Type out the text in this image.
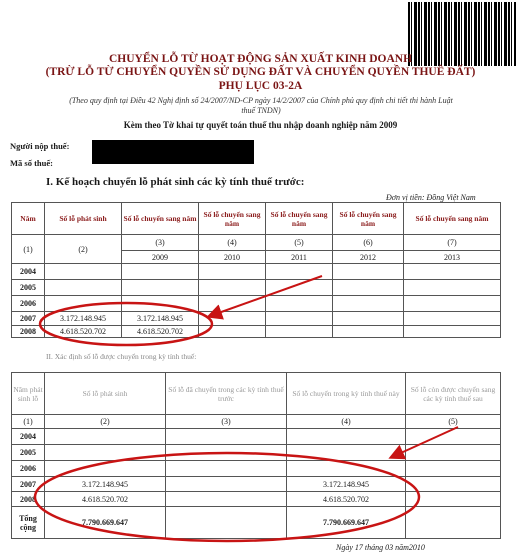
CHUYỂN LỖ TỪ HOẠT ĐỘNG SẢN XUẤT KINH DOANH
(TRỪ LỖ TỪ CHUYỂN QUYỀN SỬ DỤNG ĐẤT VÀ CHUYỂN QUYỀN THUÊ ĐẤT)
PHỤ LỤC 03-2A
(Theo quy định tại Điều 42 Nghị định số 24/2007/ND-CP ngày 14/2/2007 của Chính phủ quy định chi tiết thi hành Luật
thuế TNDN)
Kèm theo Tờ khai tự quyết toán thuế thu nhập doanh nghiệp năm 2009
Người nộp thuế:
Mã số thuế:
I. Kế hoạch chuyển lỗ phát sinh các kỳ tính thuế trước:
Đơn vị tiền: Đồng Việt Nam
Năm	Số lỗ phát sinh	Số lỗ chuyển sang năm	Số lỗ chuyển sang năm	Số lỗ chuyển sang năm	Số lỗ chuyển sang năm	Số lỗ chuyển sang năm
(1)	(2)	(3)	(4)	(5)	(6)	(7)
		2009	2010	2011	2012	2013
2004						
2005						
2006						
2007	3.172.148.945	3.172.148.945				
2008	4.618.520.702	4.618.520.702				
II. Xác định số lỗ được chuyển trong kỳ tính thuế:
Năm phát sinh lỗ	Số lỗ phát sinh	Số lỗ đã chuyển trong các kỳ tính thuế trước	Số lỗ chuyển trong kỳ tính thuế này	Số lỗ còn được chuyển sang các kỳ tính thuế sau
(1)	(2)	(3)	(4)	(5)
2004				
2005				
2006				
2007	3.172.148.945		3.172.148.945	
2008	4.618.520.702		4.618.520.702	
Tổng cộng	7.790.669.647		7.790.669.647	
Ngày 17 tháng 03 năm2010
